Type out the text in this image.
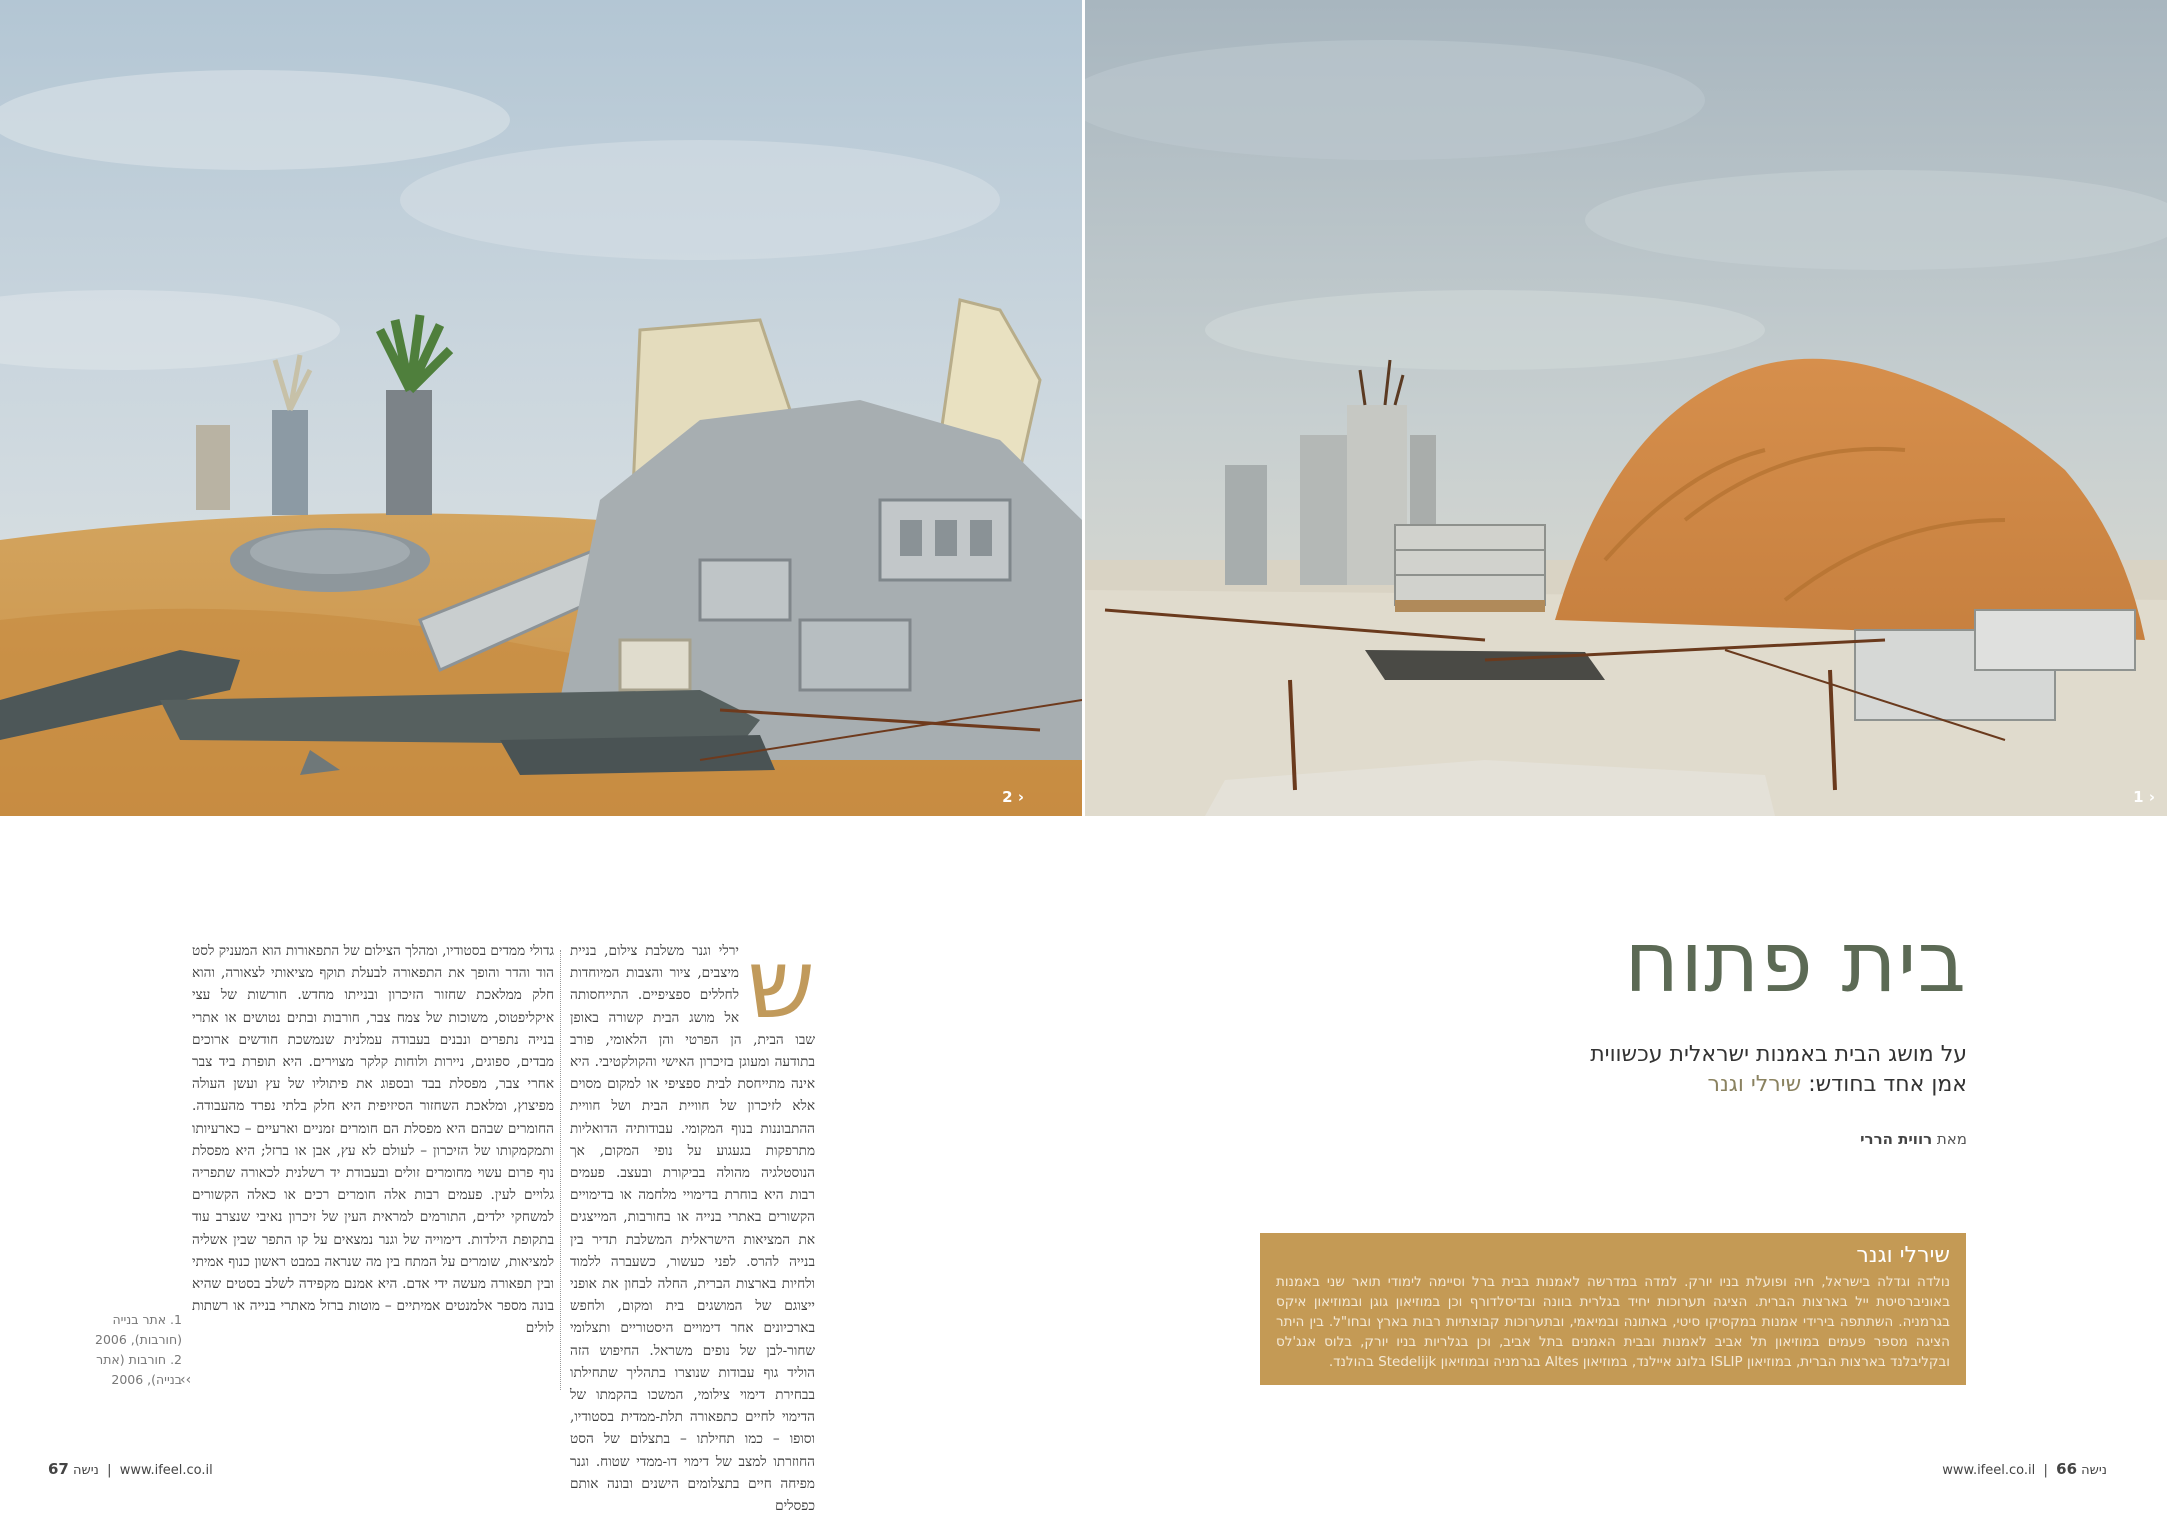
2 ›	1 ›
בית פתוח
על מושג הבית באמנות ישראלית עכשווית
אמן אחד בחודש: שירלי וגנר
מאת רווית הררי
שירלי וגנר
נולדה וגדלה בישראל, חיה ופועלת בניו יורק. למדה במדרשה לאמנות בבית ברל וסיימה לימודי תואר שני באמנות באוניברסיטת ייל בארצות הברית. הציגה תערוכות יחיד בגלרית בוונה ובדיסלדורף וכן במוזיאון גוגן ובמוזיאון איקס בגרמניה. השתתפה בירידי אמנות במקסיקו סיטי, באתונה ובמיאמי, ובתערוכות קבוצתיות רבות בארץ ובחו"ל. בין היתר הציגה מספר פעמים במוזיאון תל אביב לאמנות ובבית האמנים בתל אביב, וכן בגלריות בניו יורק, בלוס אנג'לס ובקליבלנד בארצות הברית, במוזיאון ISLIP בלונג איילנד, במוזיאון Altes בגרמניה ובמוזיאון Stedelijk בהולנד.
www.ifeel.co.il  |  נישה 66
ש
ירלי וגנר משלבת צילום, בניית מיצבים, ציור והצבות המיוחדות לחללים ספציפיים. התייחסותה אל מושג הבית קשורה באופן שבו הבית, הן הפרטי והן הלאומי, פורב בתודעה ומעוגן בזיכרון האישי והקולקטיבי. היא אינה מתייחסת לבית ספציפי או למקום מסוים אלא לזיכרון של חוויית הבית ושל חוויית ההתבוננות בנוף המקומי. עבודותיה הדואליות מתרפקות בגעגוע על נופי המקום, אך הנוסטלגיה מהולה בביקורת ובעצב. פעמים רבות היא בוחרת בדימויי מלחמה או בדימויים הקשורים באתרי בנייה או בחורבות, המייצגים את המציאות הישראלית המשלבת תדיר בין בנייה להרס. לפני כעשור, כשעברה ללמוד ולחיות בארצות הברית, החלה לבחון את אופני ייצוגם של המושגים בית ומקום, ולחפש בארכיונים אחר דימויים היסטוריים ותצלומי שחור-לבן של נופים משראל. החיפוש הזה הוליד גוף עבודות שנוצרו בתהליך שתחילתו בבחירת דימוי צילומי, המשכו בהקמתו של הדימוי לחיים כתפאורה תלת-ממדית בסטודיו, וסופו – כמו תחילתו – בתצלום של הסט החוזרתו למצב של דימוי דו-ממדי שטוח. וגנר מפיחה חיים בתצלומים הישנים ובונה אותם כפסלים
גדולי ממדים בסטודיו, ומהלך הצילום של התפאורות הוא המעניק לסט הוד והדר והופך את התפאורה לבעלת תוקף מציאותי לצאורה, והוא חלק ממלאכת שחזור הזיכרון ובנייתו מחדש. חורשות של עצי איקליפטוס, משוכות של צמח צבר, חורבות ובתים נטושים או אתרי בנייה נתפרים ונבנים בעבודה עמלנית שנמשכת חודשים ארוכים מבדים, ספוגים, ניירות ולוחות קלקר מצוירים. היא תופרת ביד צבר אחרי צבר, מפסלת בבד ובספוג את פיתוליו של עץ ועשן העולה מפיצוץ, ומלאכת השחזור הסיזיפית היא חלק בלתי נפרד מהעבודה. החומרים שבהם היא מפסלת הם חומרים זמניים וארעיים – כארעיותו ותמקמקותו של הזיכרון – לעולם לא עץ, אבן או ברזל; היא מפסלת נוף פרום עשוי מחומרים זולים ובעבודת יד רשלנית לכאורה שתפריה גלויים לעין. פעמים רבות אלה חומרים רכים או כאלה הקשורים למשחקי ילדים, התורמים למראית העין של זיכרון נאיבי שנצרב עוד בתקופת הילדות. דימוייה של וגנר נמצאים על קו התפר שבין אשליה למציאות, שומרים על המתח בין מה שנראה במבט ראשון כנוף אמיתי ובין תפאורה מעשה ידי אדם. היא אמנם מקפידה לשלב בסטים שהיא בונה מספר אלמנטים אמיתיים – מוטות ברזל מאתרי בנייה או רשתות לולים
1. אתר בנייה
(חורבות), 2006
2. חורבות (אתר
בנייה), 2006
‹‹
67 נישה  |  www.ifeel.co.il
